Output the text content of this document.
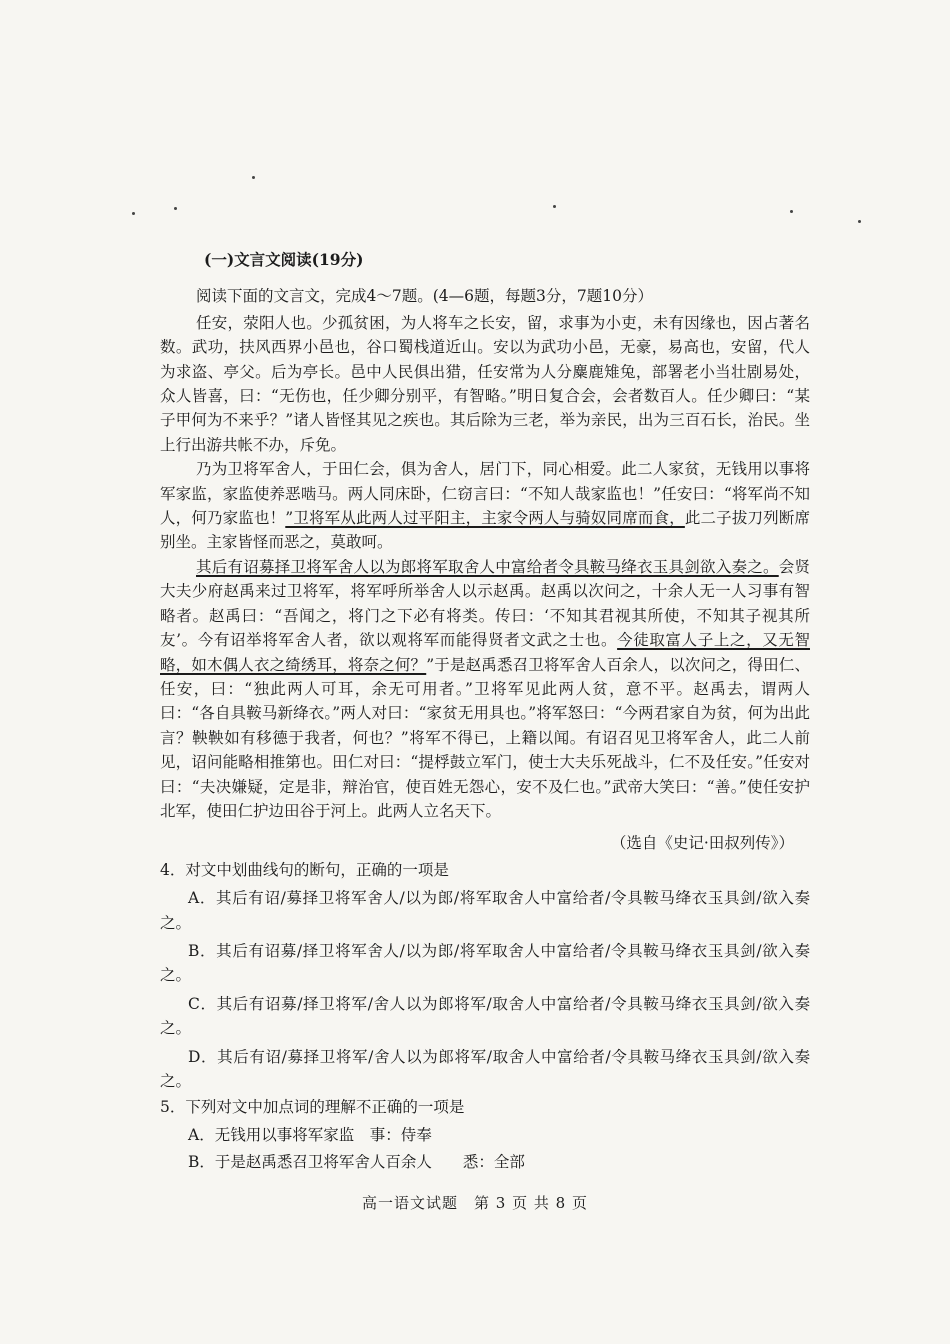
(一)文言文阅读(19分)
阅读下面的文言文，完成4～7题。(4—6题，每题3分，7题10分）

任安，荥阳人也。少孤贫困，为人将车之长安，留，求事为小吏，未有因缘也，因占著名数。武功，扶风西界小邑也，谷口蜀栈道近山。安以为武功小邑，无豪，易高也，安留，代人为求盗、亭父。后为亭长。邑中人民俱出猎，任安常为人分麋鹿雉兔，部署老小当壮剧易处，众人皆喜，曰：“无伤也，任少卿分别平，有智略。”明日复合会，会者数百人。任少卿曰：“某子甲何为不来乎？”诸人皆怪其见之疾也。其后除为三老，举为亲民，出为三百石长，治民。坐上行出游共帐不办，斥免。

乃为卫将军舍人，于田仁会，俱为舍人，居门下，同心相爱。此二人家贫，无钱用以事将军家监，家监使养恶啮马。两人同床卧，仁窃言曰：“不知人哉家监也！”任安曰：“将军尚不知人，何乃家监也！”卫将军从此两人过平阳主，主家令两人与骑奴同席而食，此二子拔刀列断席别坐。主家皆怪而恶之，莫敢呵。

其后有诏募择卫将军舍人以为郎将军取舍人中富给者令具鞍马绛衣玉具剑欲入奏之。会贤大夫少府赵禹来过卫将军，将军呼所举舍人以示赵禹。赵禹以次问之，十余人无一人习事有智略者。赵禹曰：“吾闻之，将门之下必有将类。传曰：‘不知其君视其所使，不知其子视其所友’。今有诏举将军舍人者，欲以观将军而能得贤者文武之士也。今徒取富人子上之，又无智略，如木偶人衣之绮绣耳，将奈之何？”于是赵禹悉召卫将军舍人百余人，以次问之，得田仁、任安，曰：“独此两人可耳，余无可用者。”卫将军见此两人贫，意不平。赵禹去，谓两人曰：“各自具鞍马新绛衣。”两人对曰：“家贫无用具也。”将军怒曰：“今两君家自为贫，何为出此言？鞅鞅如有移德于我者，何也？”将军不得已，上籍以闻。有诏召见卫将军舍人，此二人前见，诏问能略相推第也。田仁对曰：“提桴鼓立军门，使士大夫乐死战斗，仁不及任安。”任安对曰：“夫决嫌疑，定是非，辩治官，使百姓无怨心，安不及仁也。”武帝大笑曰：“善。”使任安护北军，使田仁护边田谷于河上。此两人立名天下。

（选自《史记·田叔列传》）
4．对文中划曲线句的断句，正确的一项是

A．其后有诏/募择卫将军舍人/以为郎/将军取舍人中富给者/令具鞍马绛衣玉具剑/欲入奏之。

B．其后有诏募/择卫将军舍人/以为郎/将军取舍人中富给者/令具鞍马绛衣玉具剑/欲入奏之。

C．其后有诏募/择卫将军/舍人以为郎将军/取舍人中富给者/令具鞍马绛衣玉具剑/欲入奏之。

D．其后有诏/募择卫将军/舍人以为郎将军/取舍人中富给者/令具鞍马绛衣玉具剑/欲入奏之。

5．下列对文中加点词的理解不正确的一项是
A．无钱用以事将军家监　事：侍奉
B．于是赵禹悉召卫将军舍人百余人　　悉：全部
高一语文试题　第 3 页 共 8 页
